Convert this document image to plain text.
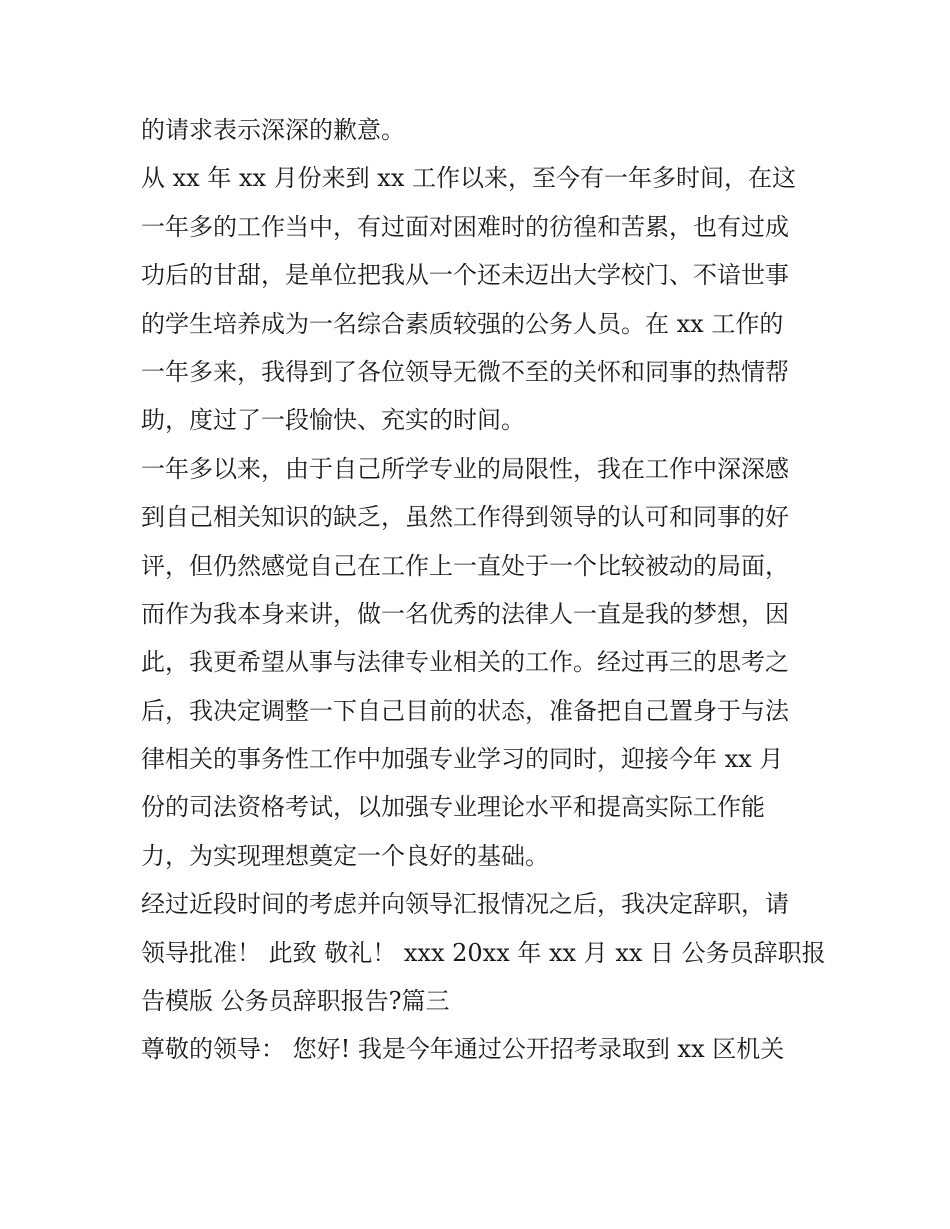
的请求表示深深的歉意。
从 xx 年 xx 月份来到 xx 工作以来，至今有一年多时间，在这
一年多的工作当中，有过面对困难时的彷徨和苦累，也有过成
功后的甘甜，是单位把我从一个还未迈出大学校门、不谙世事
的学生培养成为一名综合素质较强的公务人员。在 xx 工作的
一年多来，我得到了各位领导无微不至的关怀和同事的热情帮
助，度过了一段愉快、充实的时间。
一年多以来，由于自己所学专业的局限性，我在工作中深深感
到自己相关知识的缺乏，虽然工作得到领导的认可和同事的好
评，但仍然感觉自己在工作上一直处于一个比较被动的局面，
而作为我本身来讲，做一名优秀的法律人一直是我的梦想，因
此，我更希望从事与法律专业相关的工作。经过再三的思考之
后，我决定调整一下自己目前的状态，准备把自己置身于与法
律相关的事务性工作中加强专业学习的同时，迎接今年 xx 月
份的司法资格考试，以加强专业理论水平和提高实际工作能
力，为实现理想奠定一个良好的基础。
经过近段时间的考虑并向领导汇报情况之后，我决定辞职，请
领导批准！ 此致 敬礼！ xxx 20xx 年 xx 月 xx 日 公务员辞职报
告模版 公务员辞职报告?篇三
尊敬的领导： 您好! 我是今年通过公开招考录取到 xx 区机关
